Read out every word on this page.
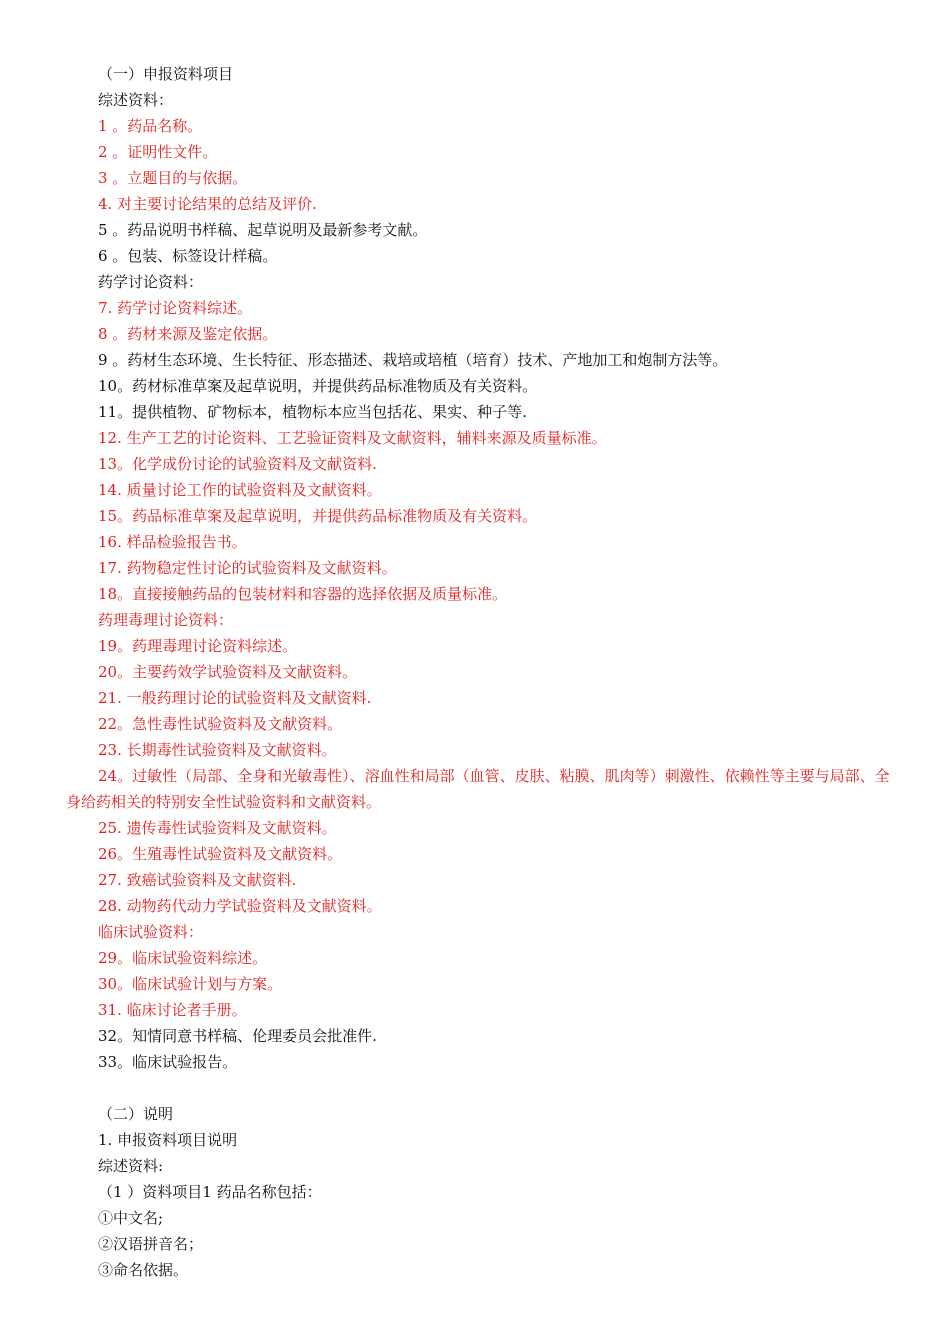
（一）申报资料项目

综述资料：

1 。药品名称。

2 。证明性文件。

3 。立题目的与依据。

4. 对主要讨论结果的总结及评价.

5 。药品说明书样稿、起草说明及最新参考文献。

6 。包装、标签设计样稿。

药学讨论资料：

7. 药学讨论资料综述。

8 。药材来源及鉴定依据。

9 。药材生态环境、生长特征、形态描述、栽培或培植（培育）技术、产地加工和炮制方法等。

10。药材标准草案及起草说明，并提供药品标准物质及有关资料。

11。提供植物、矿物标本，植物标本应当包括花、果实、种子等.

12. 生产工艺的讨论资料、工艺验证资料及文献资料，辅料来源及质量标准。

13。化学成份讨论的试验资料及文献资料.

14. 质量讨论工作的试验资料及文献资料。

15。药品标准草案及起草说明，并提供药品标准物质及有关资料。

16. 样品检验报告书。

17. 药物稳定性讨论的试验资料及文献资料。

18。直接接触药品的包装材料和容器的选择依据及质量标准。

药理毒理讨论资料：

19。药理毒理讨论资料综述。

20。主要药效学试验资料及文献资料。

21. 一般药理讨论的试验资料及文献资料.

22。急性毒性试验资料及文献资料。

23. 长期毒性试验资料及文献资料。

24。过敏性（局部、全身和光敏毒性）、溶血性和局部（血管、皮肤、粘膜、肌肉等）刺激性、依赖性等主要与局部、全身给药相关的特别安全性试验资料和文献资料。

25. 遗传毒性试验资料及文献资料。

26。生殖毒性试验资料及文献资料。

27. 致癌试验资料及文献资料.

28. 动物药代动力学试验资料及文献资料。

临床试验资料：

29。临床试验资料综述。

30。临床试验计划与方案。

31. 临床讨论者手册。

32。知情同意书样稿、伦理委员会批准件.

33。临床试验报告。

（二）说明

1. 申报资料项目说明

综述资料:

（1 ）资料项目1 药品名称包括：

①中文名;

②汉语拼音名；

③命名依据。
